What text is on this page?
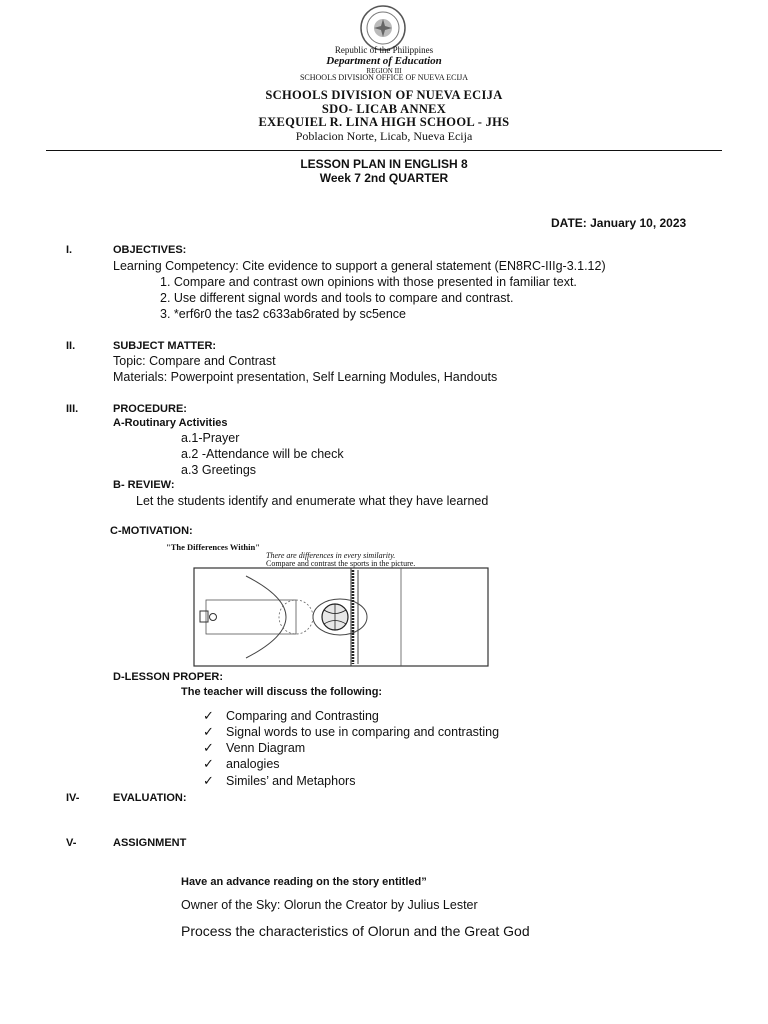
Republic of the Philippines
Department of Education
REGION III
SCHOOLS DIVISION OFFICE OF NUEVA ECIJA
SCHOOLS DIVISION OF NUEVA ECIJA
SDO- LICAB ANNEX
EXEQUIEL R. LINA HIGH SCHOOL - JHS
Poblacion Norte, Licab, Nueva Ecija
LESSON PLAN IN ENGLISH 8
Week 7 2nd QUARTER
DATE: January 10, 2023
I.	OBJECTIVES:
Learning Competency: Cite evidence to support a general statement (EN8RC-IIIg-3.1.12)
1. Compare and contrast own opinions with those presented in familiar text.
2. Use different signal words and tools to compare and contrast.
3. *erf6r0 the tas2 c633ab6rated by sc5ence
II.	SUBJECT MATTER:
Topic: Compare and Contrast
Materials: Powerpoint presentation, Self Learning Modules, Handouts
III.	PROCEDURE:
A-Routinary Activities
a.1-Prayer
a.2 -Attendance will be check
a.3 Greetings
B- REVIEW:
Let the students identify and enumerate what they have learned
C-MOTIVATION:
"The Differences Within"
There are differences in every similarity.
Compare and contrast the sports in the picture.
D-LESSON PROPER:
The teacher will discuss the following:
✓ Comparing and Contrasting
✓ Signal words to use in comparing and contrasting
✓ Venn Diagram
✓ analogies
✓ Similes’ and Metaphors
IV-	EVALUATION:
V-	ASSIGNMENT
Have an advance reading on the story entitled”
Owner of the Sky: Olorun the Creator by Julius Lester
Process the characteristics of Olorun and the Great God
